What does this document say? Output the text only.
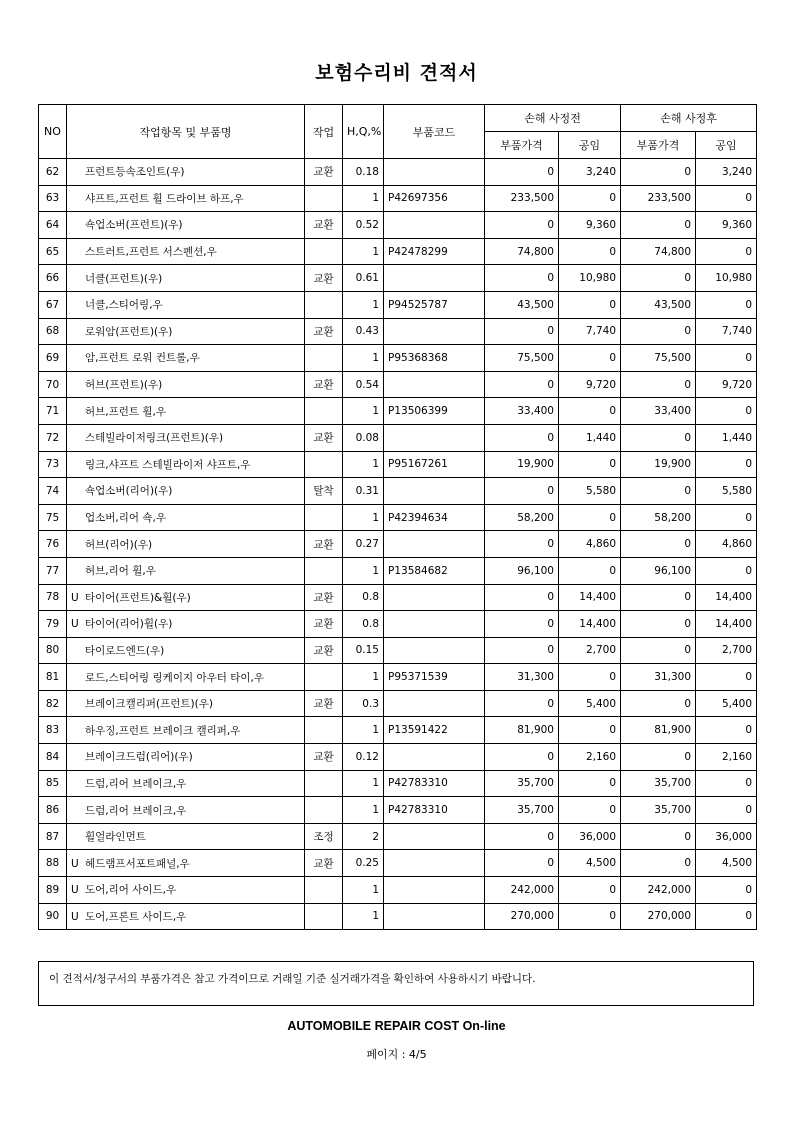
보험수리비 견적서
NO	작업항목 및 부품명	작업	H,Q,%	부품코드	손해 사정전		손해 사정후	
					부품가격	공임	부품가격	공임
62	프런트등속조인트(우)	교환	0.18		0	3,240	0	3,240
63	샤프트,프런트 휠 드라이브 하프,우		1	P42697356	233,500	0	233,500	0
64	쇽업소버(프런트)(우)	교환	0.52		0	9,360	0	9,360
65	스트러트,프런트 서스펜션,우		1	P42478299	74,800	0	74,800	0
66	너클(프런트)(우)	교환	0.61		0	10,980	0	10,980
67	너클,스티어링,우		1	P94525787	43,500	0	43,500	0
68	로워암(프런트)(우)	교환	0.43		0	7,740	0	7,740
69	암,프런트 로워 컨트롤,우		1	P95368368	75,500	0	75,500	0
70	허브(프런트)(우)	교환	0.54		0	9,720	0	9,720
71	허브,프런트 휠,우		1	P13506399	33,400	0	33,400	0
72	스테빌라이저링크(프런트)(우)	교환	0.08		0	1,440	0	1,440
73	링크,샤프트 스테빌라이저 샤프트,우		1	P95167261	19,900	0	19,900	0
74	쇽업소버(리어)(우)	탈착	0.31		0	5,580	0	5,580
75	업소버,리어 쇽,우		1	P42394634	58,200	0	58,200	0
76	허브(리어)(우)	교환	0.27		0	4,860	0	4,860
77	허브,리어 휠,우		1	P13584682	96,100	0	96,100	0
78	U 타이어(프런트)&휠(우)	교환	0.8		0	14,400	0	14,400
79	U 타이어(리어)휠(우)	교환	0.8		0	14,400	0	14,400
80	타이로드엔드(우)	교환	0.15		0	2,700	0	2,700
81	로드,스티어링 링케이지 아우터 타이,우		1	P95371539	31,300	0	31,300	0
82	브레이크캘리퍼(프런트)(우)	교환	0.3		0	5,400	0	5,400
83	하우징,프런트 브레이크 캘리퍼,우		1	P13591422	81,900	0	81,900	0
84	브레이크드럼(리어)(우)	교환	0.12		0	2,160	0	2,160
85	드럼,리어 브레이크,우		1	P42783310	35,700	0	35,700	0
86	드럼,리어 브레이크,우		1	P42783310	35,700	0	35,700	0
87	휠얼라인먼트	조정	2		0	36,000	0	36,000
88	U 헤드램프서포트패널,우	교환	0.25		0	4,500	0	4,500
89	U 도어,리어 사이드,우		1		242,000	0	242,000	0
90	U 도어,프론트 사이드,우		1		270,000	0	270,000	0
이 견적서/청구서의 부품가격은 참고 가격이므로 거래일 기준 실거래가격을 확인하여 사용하시기 바랍니다.
AUTOMOBILE REPAIR COST On-line
페이지 : 4/5
